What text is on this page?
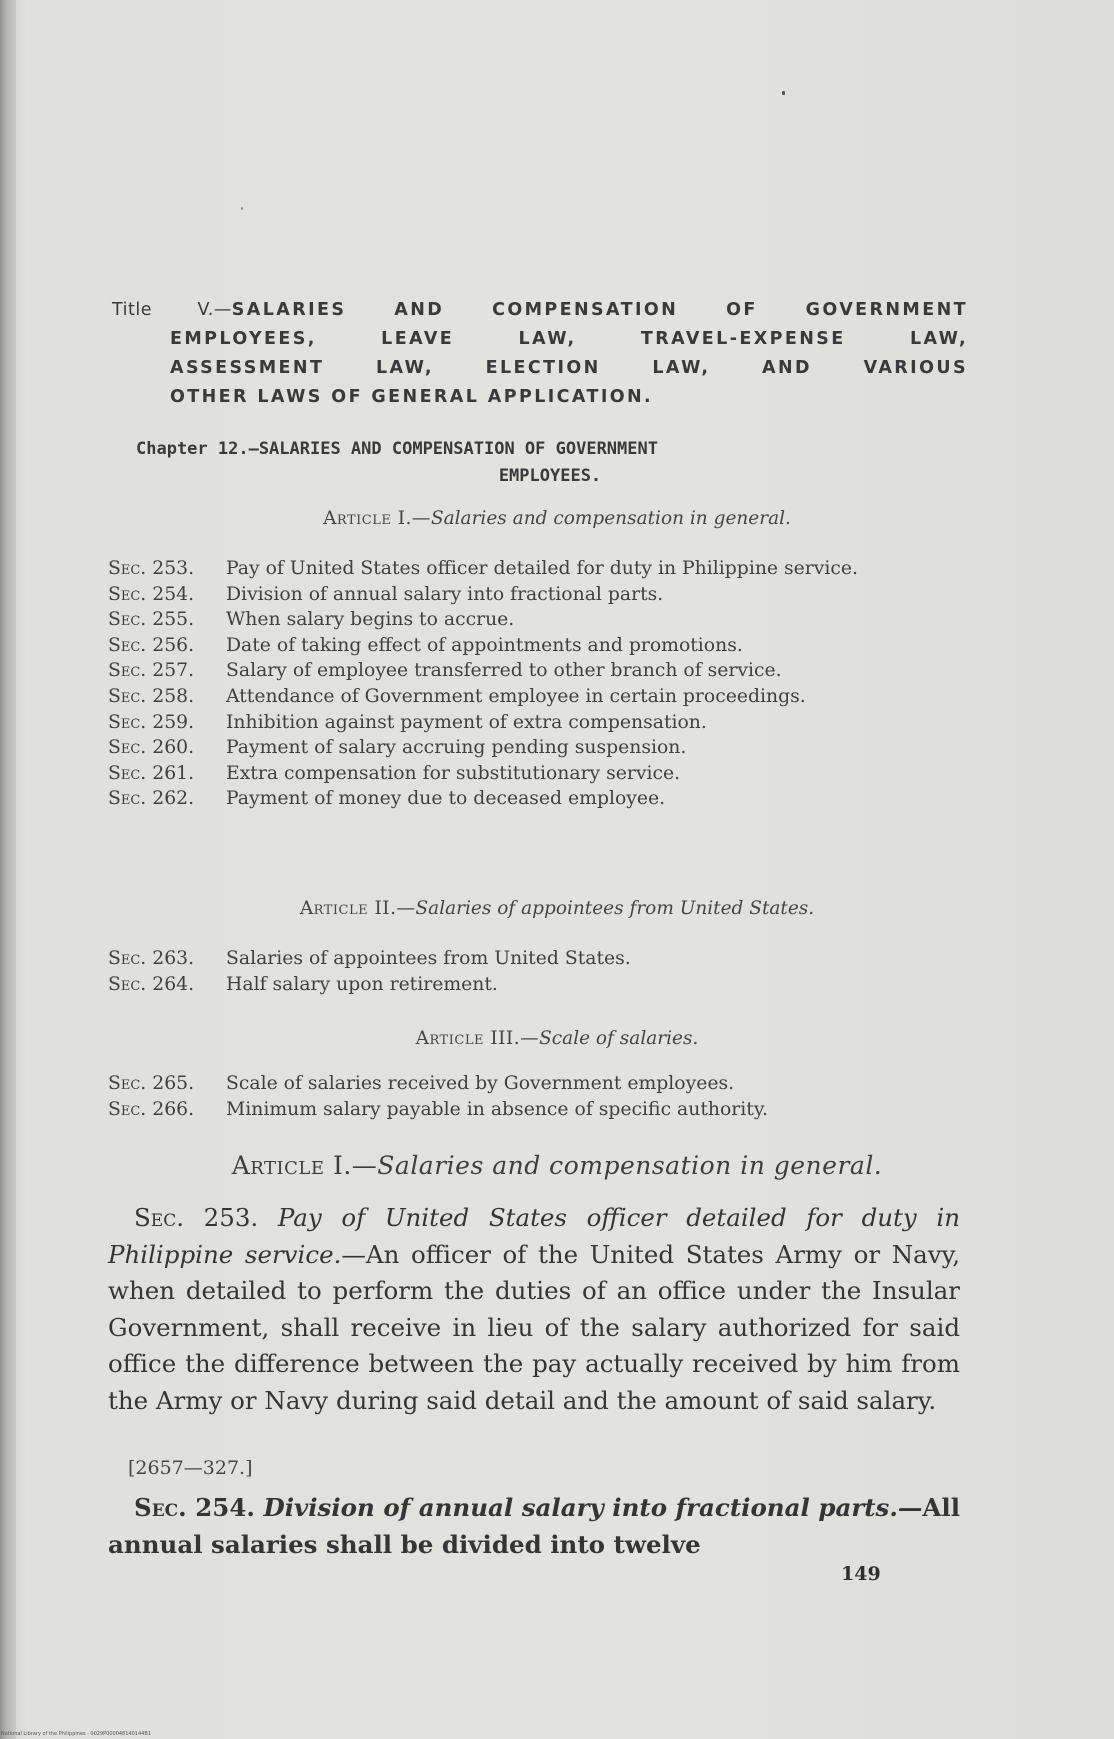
Title V.—SALARIES AND COMPENSATION OF GOVERNMENT
EMPLOYEES, LEAVE LAW, TRAVEL-EXPENSE LAW,
ASSESSMENT LAW, ELECTION LAW, AND VARIOUS
OTHER LAWS OF GENERAL APPLICATION.
Chapter 12.—SALARIES AND COMPENSATION OF GOVERNMENT
EMPLOYEES.
Article I.—Salaries and compensation in general.
Sec. 253.	Pay of United States officer detailed for duty in Philippine service.
Sec. 254.	Division of annual salary into fractional parts.
Sec. 255.	When salary begins to accrue.
Sec. 256.	Date of taking effect of appointments and promotions.
Sec. 257.	Salary of employee transferred to other branch of service.
Sec. 258.	Attendance of Government employee in certain proceedings.
Sec. 259.	Inhibition against payment of extra compensation.
Sec. 260.	Payment of salary accruing pending suspension.
Sec. 261.	Extra compensation for substitutionary service.
Sec. 262.	Payment of money due to deceased employee.
Article II.—Salaries of appointees from United States.
Sec. 263.	Salaries of appointees from United States.
Sec. 264.	Half salary upon retirement.
Article III.—Scale of salaries.
Sec. 265.	Scale of salaries received by Government employees.
Sec. 266.	Minimum salary payable in absence of specific authority.
Article I.—Salaries and compensation in general.
Sec. 253. Pay of United States officer detailed for duty in Philippine service.—An officer of the United States Army or Navy, when detailed to perform the duties of an office under the Insular Government, shall receive in lieu of the salary authorized for said office the difference between the pay actually received by him from the Army or Navy during said detail and the amount of said salary.
[2657—327.]
Sec. 254. Division of annual salary into fractional parts.—All annual salaries shall be divided into twelve
149
National Library of the Philippines · 0029P000048140144B1
